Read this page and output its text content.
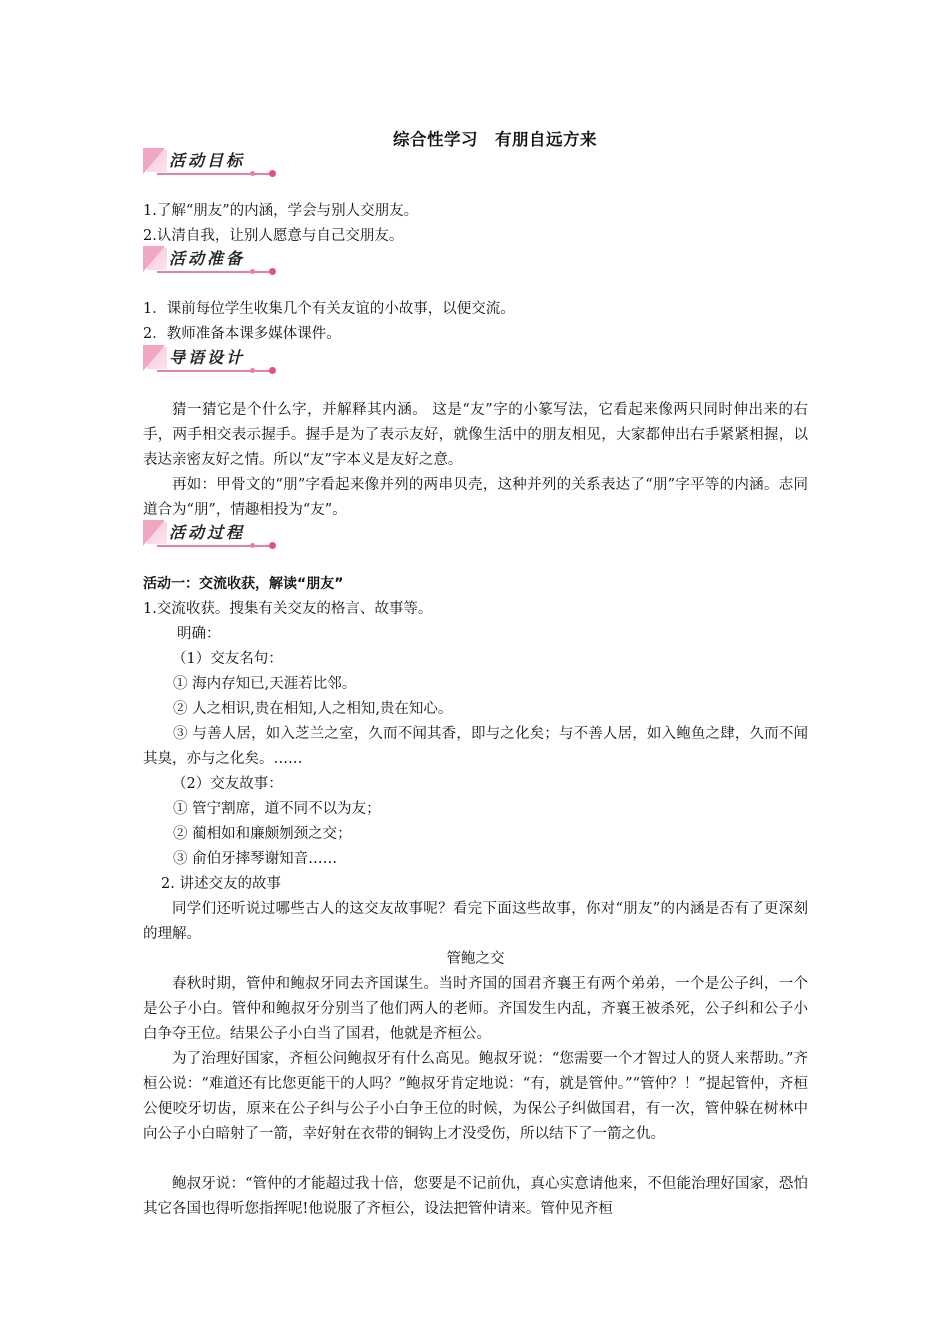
综合性学习　有朋自远方来
活动目标
1.了解“朋友”的内涵，学会与别人交朋友。
2.认清自我，让别人愿意与自己交朋友。
活动准备
1．课前每位学生收集几个有关友谊的小故事，以便交流。
2．教师准备本课多媒体课件。
导语设计
猜一猜它是个什么字，并解释其内涵。 这是“友”字的小篆写法，它看起来像两只同时伸出来的右手，两手相交表示握手。握手是为了表示友好，就像生活中的朋友相见，大家都伸出右手紧紧相握，以表达亲密友好之情。所以“友”字本义是友好之意。
再如：甲骨文的“朋”字看起来像并列的两串贝壳，这种并列的关系表达了“朋”字平等的内涵。志同道合为“朋”，情趣相投为“友”。
活动过程
活动一：交流收获，解读“朋友”
1.交流收获。搜集有关交友的格言、故事等。
明确：
（1）交友名句：
① 海内存知已,天涯若比邻。
② 人之相识,贵在相知,人之相知,贵在知心。
③ 与善人居，如入芝兰之室，久而不闻其香，即与之化矣；与不善人居，如入鲍鱼之肆，久而不闻其臭，亦与之化矣。……
（2）交友故事：
① 管宁割席，道不同不以为友；
② 蔺相如和廉颇刎颈之交；
③ 俞伯牙摔琴谢知音……
2. 讲述交友的故事
同学们还听说过哪些古人的这交友故事呢？看完下面这些故事，你对“朋友”的内涵是否有了更深刻的理解。
管鲍之交
春秋时期，管仲和鲍叔牙同去齐国谋生。当时齐国的国君齐襄王有两个弟弟，一个是公子纠，一个是公子小白。管仲和鲍叔牙分别当了他们两人的老师。齐国发生内乱，齐襄王被杀死，公子纠和公子小白争夺王位。结果公子小白当了国君，他就是齐桓公。
为了治理好国家，齐桓公问鲍叔牙有什么高见。鲍叔牙说：“您需要一个才智过人的贤人来帮助。”齐桓公说：“难道还有比您更能干的人吗？”鲍叔牙肯定地说：“有，就是管仲。”“管仲？！”提起管仲，齐桓公便咬牙切齿，原来在公子纠与公子小白争王位的时候，为保公子纠做国君，有一次，管仲躲在树林中向公子小白暗射了一箭，幸好射在衣带的铜钩上才没受伤，所以结下了一箭之仇。
鲍叔牙说：“管仲的才能超过我十倍，您要是不记前仇，真心实意请他来，不但能治理好国家，恐怕其它各国也得听您指挥呢!他说服了齐桓公，设法把管仲请来。管仲见齐桓
